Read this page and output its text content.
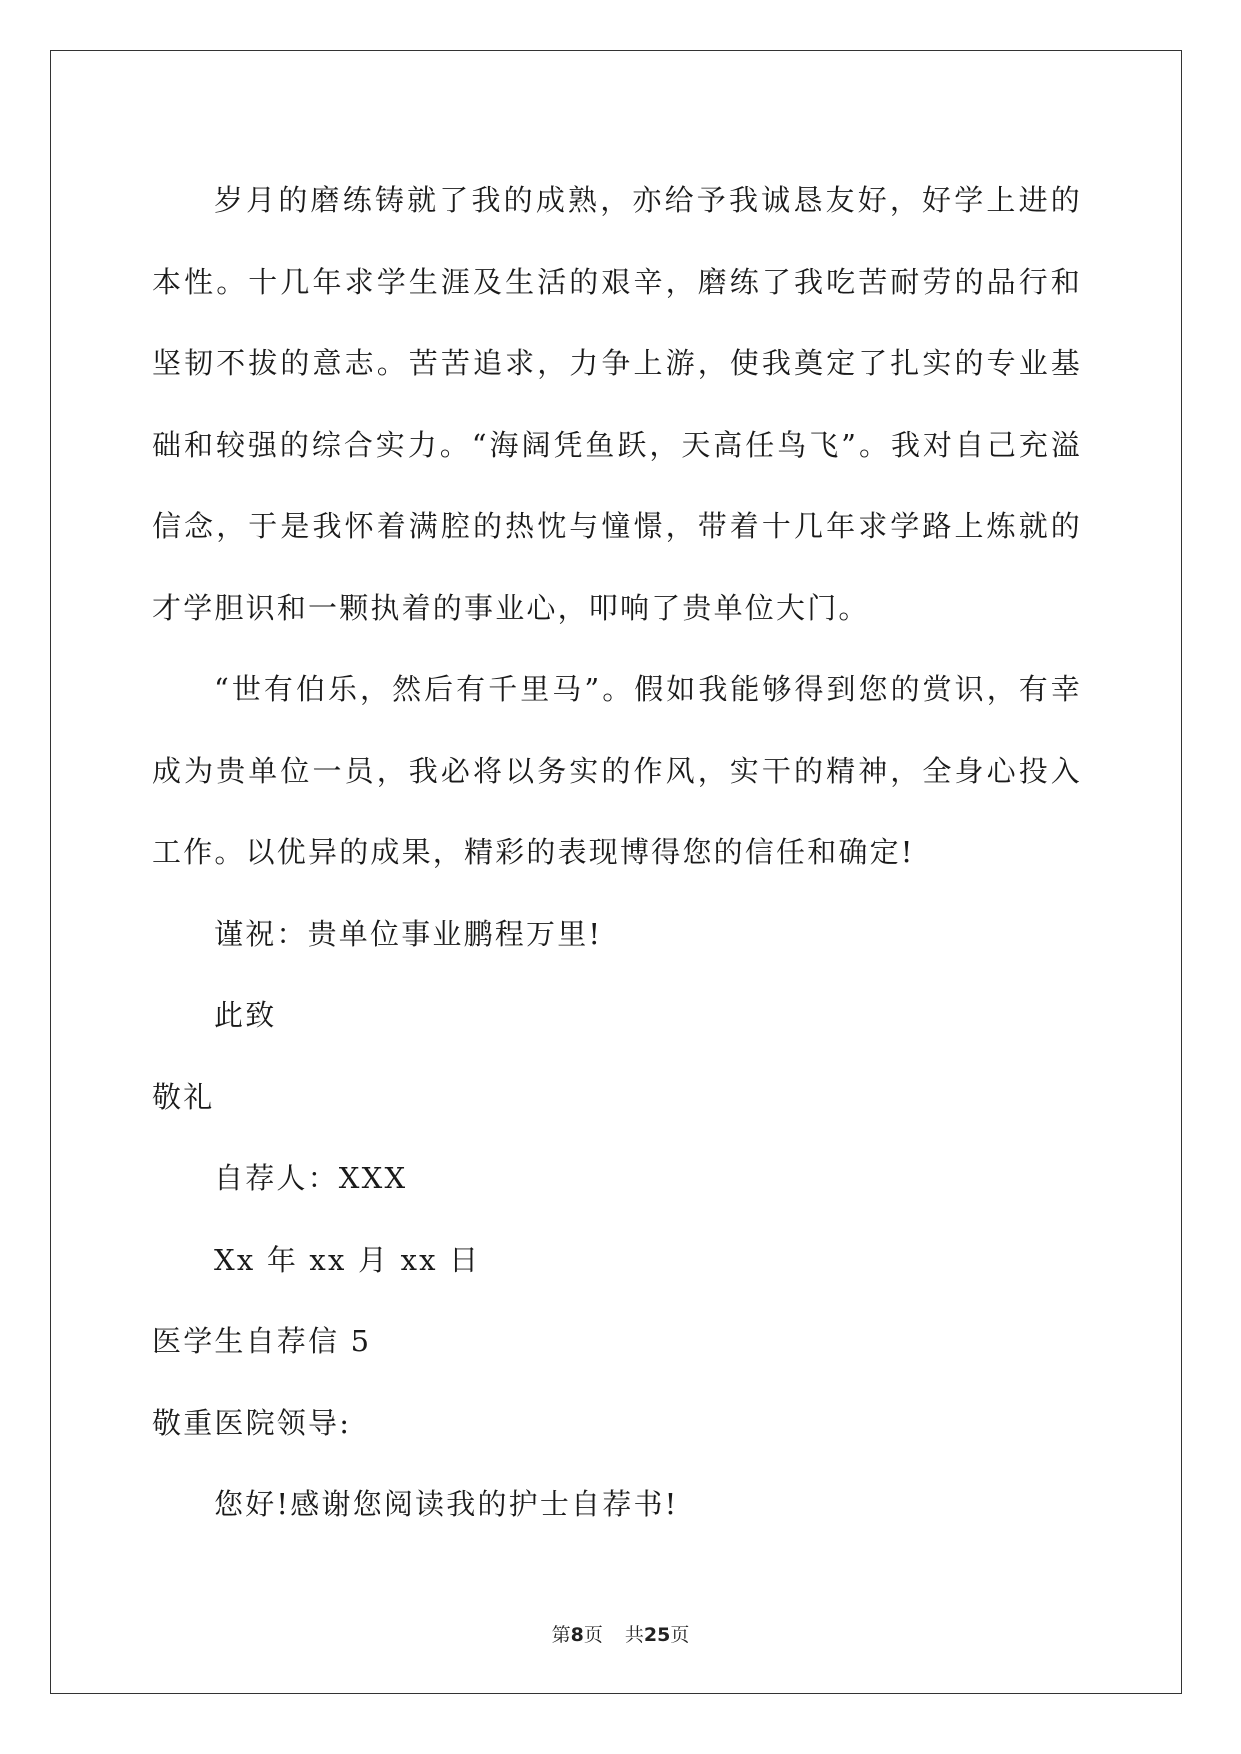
岁月的磨练铸就了我的成熟，亦给予我诚恳友好，好学上进的本性。十几年求学生涯及生活的艰辛，磨练了我吃苦耐劳的品行和坚韧不拔的意志。苦苦追求，力争上游，使我奠定了扎实的专业基础和较强的综合实力。“海阔凭鱼跃，天高任鸟飞”。我对自己充溢信念，于是我怀着满腔的热忱与憧憬，带着十几年求学路上炼就的才学胆识和一颗执着的事业心，叩响了贵单位大门。

“世有伯乐，然后有千里马”。假如我能够得到您的赏识，有幸成为贵单位一员，我必将以务实的作风，实干的精神，全身心投入工作。以优异的成果，精彩的表现博得您的信任和确定!

谨祝：贵单位事业鹏程万里!

此致

敬礼

自荐人：XXX

Xx 年 xx 月 xx 日

医学生自荐信 5

敬重医院领导:

您好!感谢您阅读我的护士自荐书!

第8页 共25页
